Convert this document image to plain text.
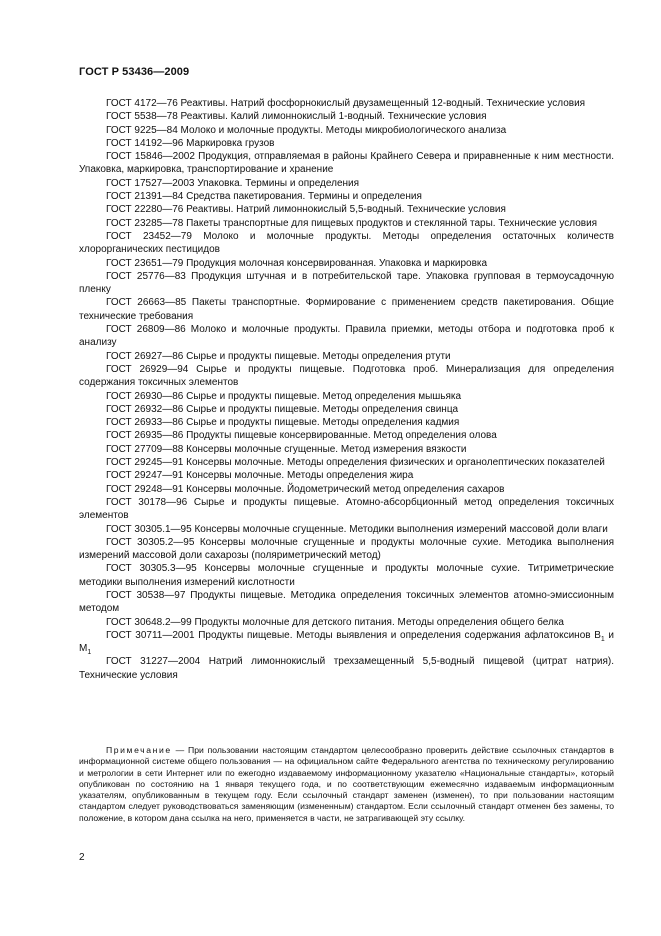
ГОСТ Р 53436—2009

ГОСТ 4172—76 Реактивы. Натрий фосфорнокислый двузамещенный 12-водный. Технические условия

ГОСТ 5538—78 Реактивы. Калий лимоннокислый 1-водный. Технические условия

ГОСТ 9225—84 Молоко и молочные продукты. Методы микробиологического анализа

ГОСТ 14192—96 Маркировка грузов

ГОСТ 15846—2002 Продукция, отправляемая в районы Крайнего Севера и приравненные к ним местности. Упаковка, маркировка, транспортирование и хранение

ГОСТ 17527—2003 Упаковка. Термины и определения

ГОСТ 21391—84 Средства пакетирования. Термины и определения

ГОСТ 22280—76 Реактивы. Натрий лимоннокислый 5,5-водный. Технические условия

ГОСТ 23285—78 Пакеты транспортные для пищевых продуктов и стеклянной тары. Технические условия

ГОСТ 23452—79 Молоко и молочные продукты. Методы определения остаточных количеств хлорорганических пестицидов

ГОСТ 23651—79 Продукция молочная консервированная. Упаковка и маркировка

ГОСТ 25776—83 Продукция штучная и в потребительской таре. Упаковка групповая в термоусадочную пленку

ГОСТ 26663—85 Пакеты транспортные. Формирование с применением средств пакетирования. Общие технические требования

ГОСТ 26809—86 Молоко и молочные продукты. Правила приемки, методы отбора и подготовка проб к анализу

ГОСТ 26927—86 Сырье и продукты пищевые. Методы определения ртути

ГОСТ 26929—94 Сырье и продукты пищевые. Подготовка проб. Минерализация для определения содержания токсичных элементов

ГОСТ 26930—86 Сырье и продукты пищевые. Метод определения мышьяка

ГОСТ 26932—86 Сырье и продукты пищевые. Методы определения свинца

ГОСТ 26933—86 Сырье и продукты пищевые. Методы определения кадмия

ГОСТ 26935—86 Продукты пищевые консервированные. Метод определения олова

ГОСТ 27709—88 Консервы молочные сгущенные. Метод измерения вязкости

ГОСТ 29245—91 Консервы молочные. Методы определения физических и органолептических показателей

ГОСТ 29247—91 Консервы молочные. Методы определения жира

ГОСТ 29248—91 Консервы молочные. Йодометрический метод определения сахаров

ГОСТ 30178—96 Сырье и продукты пищевые. Атомно-абсорбционный метод определения токсичных элементов

ГОСТ 30305.1—95 Консервы молочные сгущенные. Методики выполнения измерений массовой доли влаги

ГОСТ 30305.2—95 Консервы молочные сгущенные и продукты молочные сухие. Методика выполнения измерений массовой доли сахарозы (поляриметрический метод)

ГОСТ 30305.3—95 Консервы молочные сгущенные и продукты молочные сухие. Титриметрические методики выполнения измерений кислотности

ГОСТ 30538—97 Продукты пищевые. Методика определения токсичных элементов атомно-эмиссионным методом

ГОСТ 30648.2—99 Продукты молочные для детского питания. Методы определения общего белка

ГОСТ 30711—2001 Продукты пищевые. Методы выявления и определения содержания афлатоксинов $B_1$ и $M_1$

ГОСТ 31227—2004 Натрий лимоннокислый трехзамещенный 5,5-водный пищевой (цитрат натрия). Технические условия

Примечание — При пользовании настоящим стандартом целесообразно проверить действие ссылочных стандартов в информационной системе общего пользования — на официальном сайте Федерального агентства по техническому регулированию и метрологии в сети Интернет или по ежегодно издаваемому информационному указателю «Национальные стандарты», который опубликован по состоянию на 1 января текущего года, и по соответствующим ежемесячно издаваемым информационным указателям, опубликованным в текущем году. Если ссылочный стандарт заменен (изменен), то при пользовании настоящим стандартом следует руководствоваться заменяющим (измененным) стандартом. Если ссылочный стандарт отменен без замены, то положение, в котором дана ссылка на него, применяется в части, не затрагивающей эту ссылку.

2
